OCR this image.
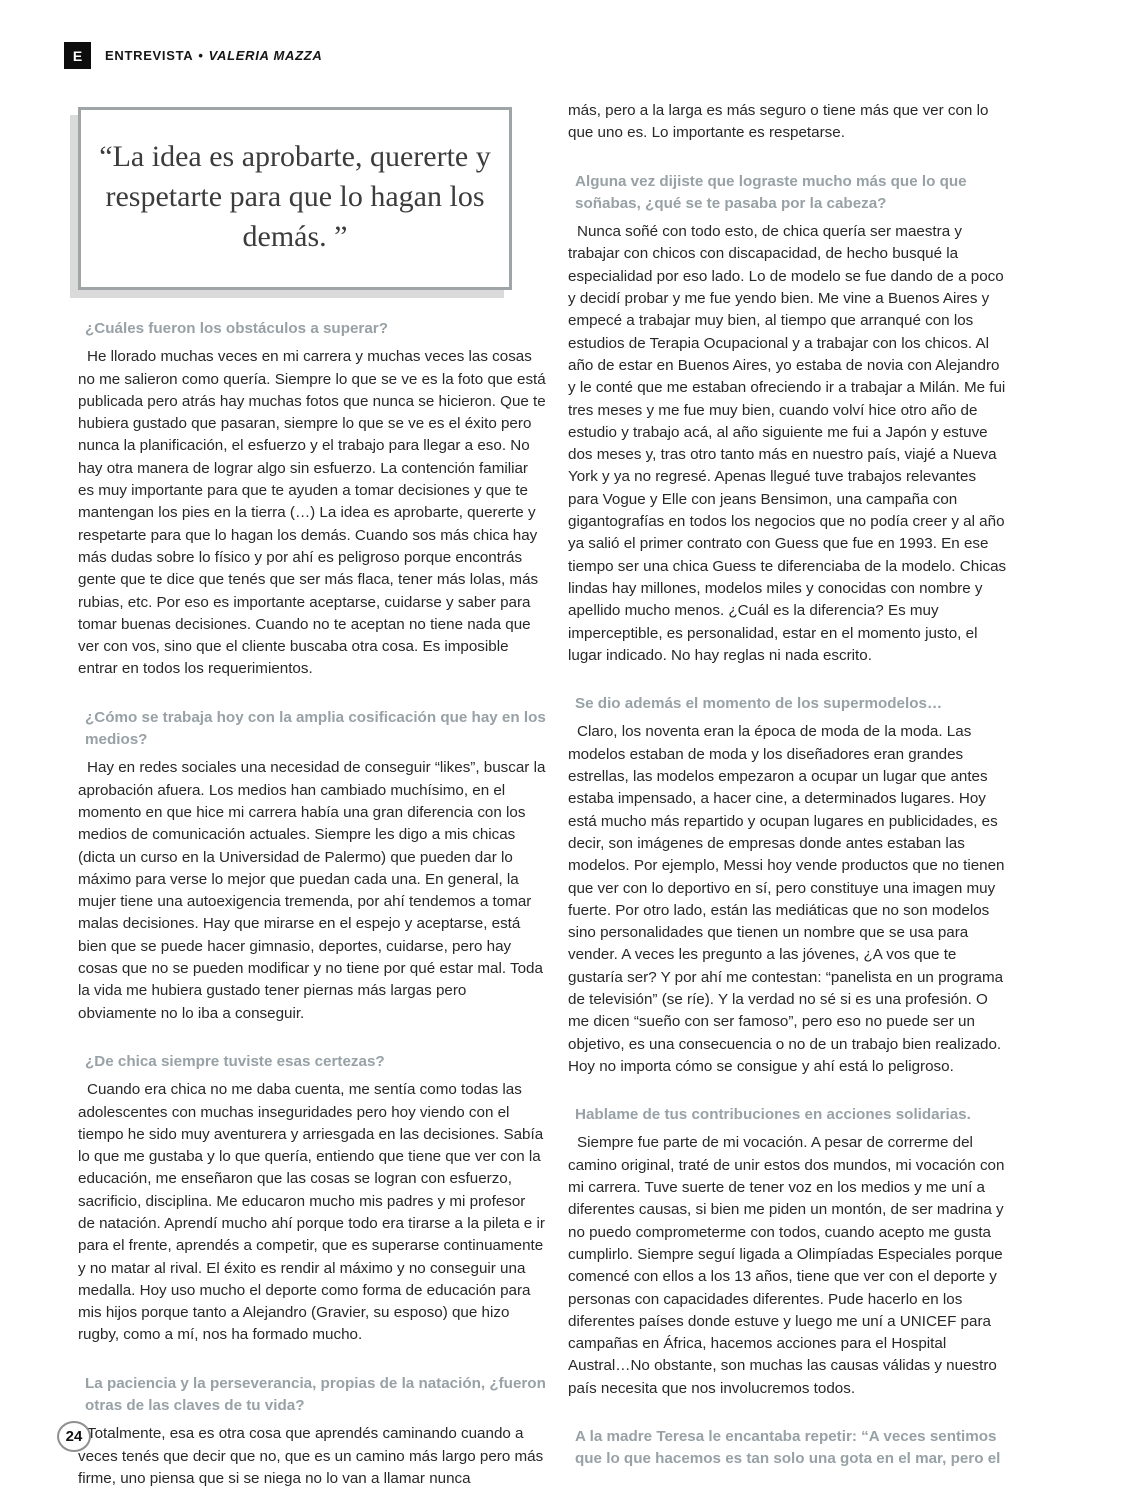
E	ENTREVISTA • VALERIA MAZZA

“La idea es aprobarte, quererte y respetarte para que lo hagan los demás. ”

¿Cuáles fueron los obstáculos a superar?

He llorado muchas veces en mi carrera y muchas veces las cosas no me salieron como quería. Siempre lo que se ve es la foto que está publicada pero atrás hay muchas fotos que nunca se hicieron. Que te hubiera gustado que pasaran, siempre lo que se ve es el éxito pero nunca la planificación, el esfuerzo y el trabajo para llegar a eso. No hay otra manera de lograr algo sin esfuerzo. La contención familiar es muy importante para que te ayuden a tomar decisiones y que te mantengan los pies en la tierra (…) La idea es aprobarte, quererte y respetarte para que lo hagan los demás. Cuando sos más chica hay más dudas sobre lo físico y por ahí es peligroso porque encontrás gente que te dice que tenés que ser más flaca, tener más lolas, más rubias, etc. Por eso es importante aceptarse, cuidarse y saber para tomar buenas decisiones. Cuando no te aceptan no tiene nada que ver con vos, sino que el cliente buscaba otra cosa. Es imposible entrar en todos los requerimientos.

¿Cómo se trabaja hoy con la amplia cosificación que hay en los medios?

Hay en redes sociales una necesidad de conseguir “likes”, buscar la aprobación afuera. Los medios han cambiado muchísimo, en el momento en que hice mi carrera había una gran diferencia con los medios de comunicación actuales. Siempre les digo a mis chicas (dicta un curso en la Universidad de Palermo) que pueden dar lo máximo para verse lo mejor que puedan cada una. En general, la mujer tiene una autoexigencia tremenda, por ahí tendemos a tomar malas decisiones. Hay que mirarse en el espejo y aceptarse, está bien que se puede hacer gimnasio, deportes, cuidarse, pero hay cosas que no se pueden modificar y no tiene por qué estar mal. Toda la vida me hubiera gustado tener piernas más largas pero obviamente no lo iba a conseguir.

¿De chica siempre tuviste esas certezas?

Cuando era chica no me daba cuenta, me sentía como todas las adolescentes con muchas inseguridades pero hoy viendo con el tiempo he sido muy aventurera y arriesgada en las decisiones. Sabía lo que me gustaba y lo que quería, entiendo que tiene que ver con la educación, me enseñaron que las cosas se logran con esfuerzo, sacrificio, disciplina. Me educaron mucho mis padres y mi profesor de natación. Aprendí mucho ahí porque todo era tirarse a la pileta e ir para el frente, aprendés a competir, que es superarse continuamente y no matar al rival. El éxito es rendir al máximo y no conseguir una medalla. Hoy uso mucho el deporte como forma de educación para mis hijos porque tanto a Alejandro (Gravier, su esposo) que hizo rugby, como a mí, nos ha formado mucho.

La paciencia y la perseverancia, propias de la natación, ¿fueron otras de las claves de tu vida?

Totalmente, esa es otra cosa que aprendés caminando cuando a veces tenés que decir que no, que es un camino más largo pero más firme, uno piensa que si se niega no lo van a llamar nunca

más, pero a la larga es más seguro o tiene más que ver con lo que uno es. Lo importante es respetarse.

Alguna vez dijiste que lograste mucho más que lo que soñabas, ¿qué se te pasaba por la cabeza?

Nunca soñé con todo esto, de chica quería ser maestra y trabajar con chicos con discapacidad, de hecho busqué la especialidad por eso lado. Lo de modelo se fue dando de a poco y decidí probar y me fue yendo bien. Me vine a Buenos Aires y empecé a trabajar muy bien, al tiempo que arranqué con los estudios de Terapia Ocupacional y a trabajar con los chicos. Al año de estar en Buenos Aires, yo estaba de novia con Alejandro y le conté que me estaban ofreciendo ir a trabajar a Milán. Me fui tres meses y me fue muy bien, cuando volví hice otro año de estudio y trabajo acá, al año siguiente me fui a Japón y estuve dos meses y, tras otro tanto más en nuestro país, viajé a Nueva York y ya no regresé. Apenas llegué tuve trabajos relevantes para Vogue y Elle con jeans Bensimon, una campaña con gigantografías en todos los negocios que no podía creer y al año ya salió el primer contrato con Guess que fue en 1993. En ese tiempo ser una chica Guess te diferenciaba de la modelo. Chicas lindas hay millones, modelos miles y conocidas con nombre y apellido mucho menos. ¿Cuál es la diferencia? Es muy imperceptible, es personalidad, estar en el momento justo, el lugar indicado. No hay reglas ni nada escrito.

Se dio además el momento de los supermodelos…

Claro, los noventa eran la época de moda de la moda. Las modelos estaban de moda y los diseñadores eran grandes estrellas, las modelos empezaron a ocupar un lugar que antes estaba impensado, a hacer cine, a determinados lugares. Hoy está mucho más repartido y ocupan lugares en publicidades, es decir, son imágenes de empresas donde antes estaban las modelos. Por ejemplo, Messi hoy vende productos que no tienen que ver con lo deportivo en sí, pero constituye una imagen muy fuerte. Por otro lado, están las mediáticas que no son modelos sino personalidades que tienen un nombre que se usa para vender. A veces les pregunto a las jóvenes, ¿A vos que te gustaría ser? Y por ahí me contestan: “panelista en un programa de televisión” (se ríe). Y la verdad no sé si es una profesión. O me dicen “sueño con ser famoso”, pero eso no puede ser un objetivo, es una consecuencia o no de un trabajo bien realizado. Hoy no importa cómo se consigue y ahí está lo peligroso.

Hablame de tus contribuciones en acciones solidarias.

Siempre fue parte de mi vocación. A pesar de correrme del camino original, traté de unir estos dos mundos, mi vocación con mi carrera. Tuve suerte de tener voz en los medios y me uní a diferentes causas, si bien me piden un montón, de ser madrina y no puedo comprometerme con todos, cuando acepto me gusta cumplirlo. Siempre seguí ligada a Olimpíadas Especiales porque comencé con ellos a los 13 años, tiene que ver con el deporte y personas con capacidades diferentes. Pude hacerlo en los diferentes países donde estuve y luego me uní a UNICEF para campañas en África, hacemos acciones para el Hospital Austral…No obstante, son muchas las causas válidas y nuestro país necesita que nos involucremos todos.

A la madre Teresa le encantaba repetir: “A veces sentimos que lo que hacemos es tan solo una gota en el mar, pero el

24
